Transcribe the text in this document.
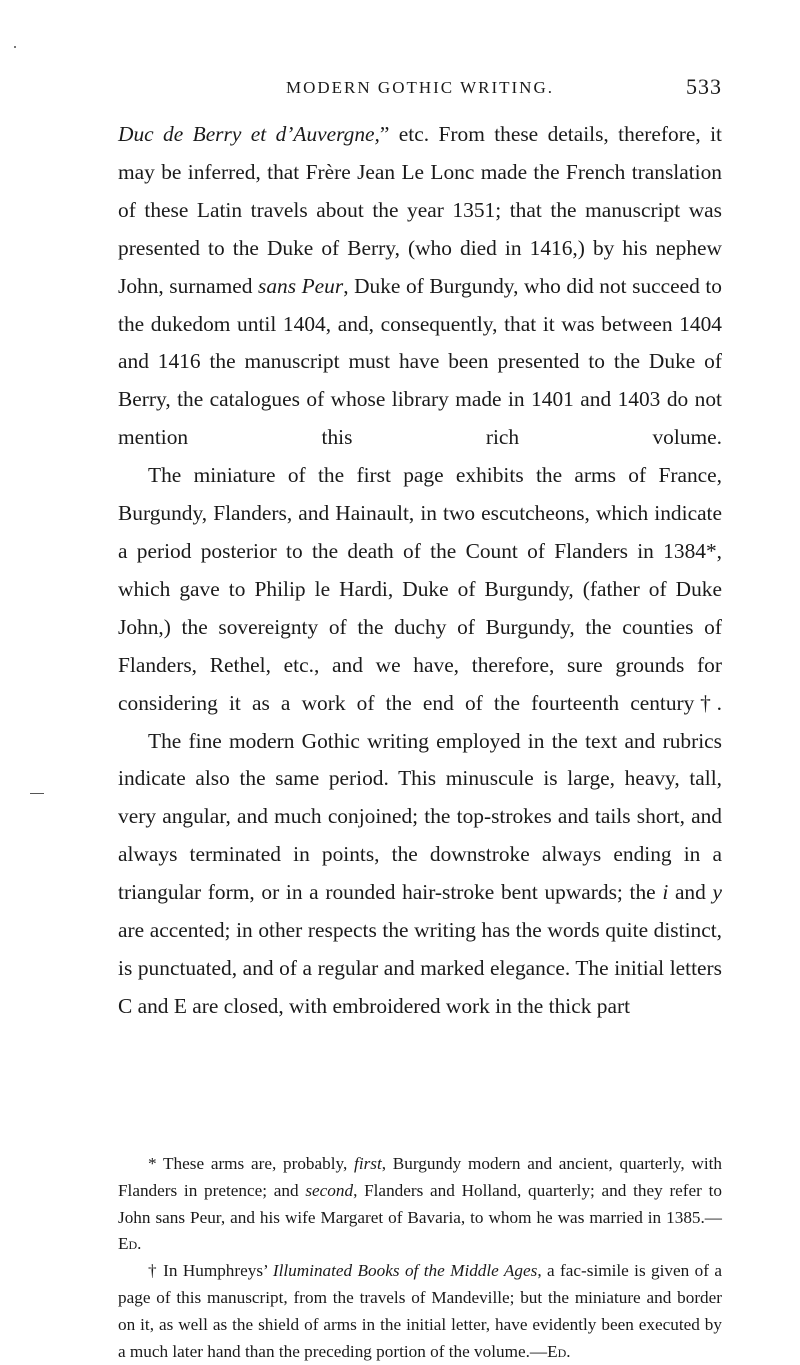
MODERN GOTHIC WRITING.	533

Duc de Berry et d’Auvergne,” etc. From these details, therefore, it may be inferred, that Frère Jean Le Lonc made the French translation of these Latin travels about the year 1351; that the manuscript was presented to the Duke of Berry, (who died in 1416,) by his nephew John, surnamed sans Peur, Duke of Burgundy, who did not succeed to the dukedom until 1404, and, consequently, that it was between 1404 and 1416 the manuscript must have been presented to the Duke of Berry, the catalogues of whose library made in 1401 and 1403 do not mention this rich volume.

The miniature of the first page exhibits the arms of France, Burgundy, Flanders, and Hainault, in two escutcheons, which indicate a period posterior to the death of the Count of Flanders in 1384*, which gave to Philip le Hardi, Duke of Burgundy, (father of Duke John,) the sovereignty of the duchy of Burgundy, the counties of Flanders, Rethel, etc., and we have, therefore, sure grounds for considering it as a work of the end of the fourteenth century†.

The fine modern Gothic writing employed in the text and rubrics indicate also the same period. This minuscule is large, heavy, tall, very angular, and much conjoined; the top-strokes and tails short, and always terminated in points, the downstroke always ending in a triangular form, or in a rounded hair-stroke bent upwards; the i and y are accented; in other respects the writing has the words quite distinct, is punctuated, and of a regular and marked elegance. The initial letters C and E are closed, with embroidered work in the thick part

* These arms are, probably, first, Burgundy modern and ancient, quarterly, with Flanders in pretence; and second, Flanders and Holland, quarterly; and they refer to John sans Peur, and his wife Margaret of Bavaria, to whom he was married in 1385.—Ed.

† In Humphreys’ Illuminated Books of the Middle Ages, a fac-simile is given of a page of this manuscript, from the travels of Mandeville; but the miniature and border on it, as well as the shield of arms in the initial letter, have evidently been executed by a much later hand than the preceding portion of the volume.—Ed.
